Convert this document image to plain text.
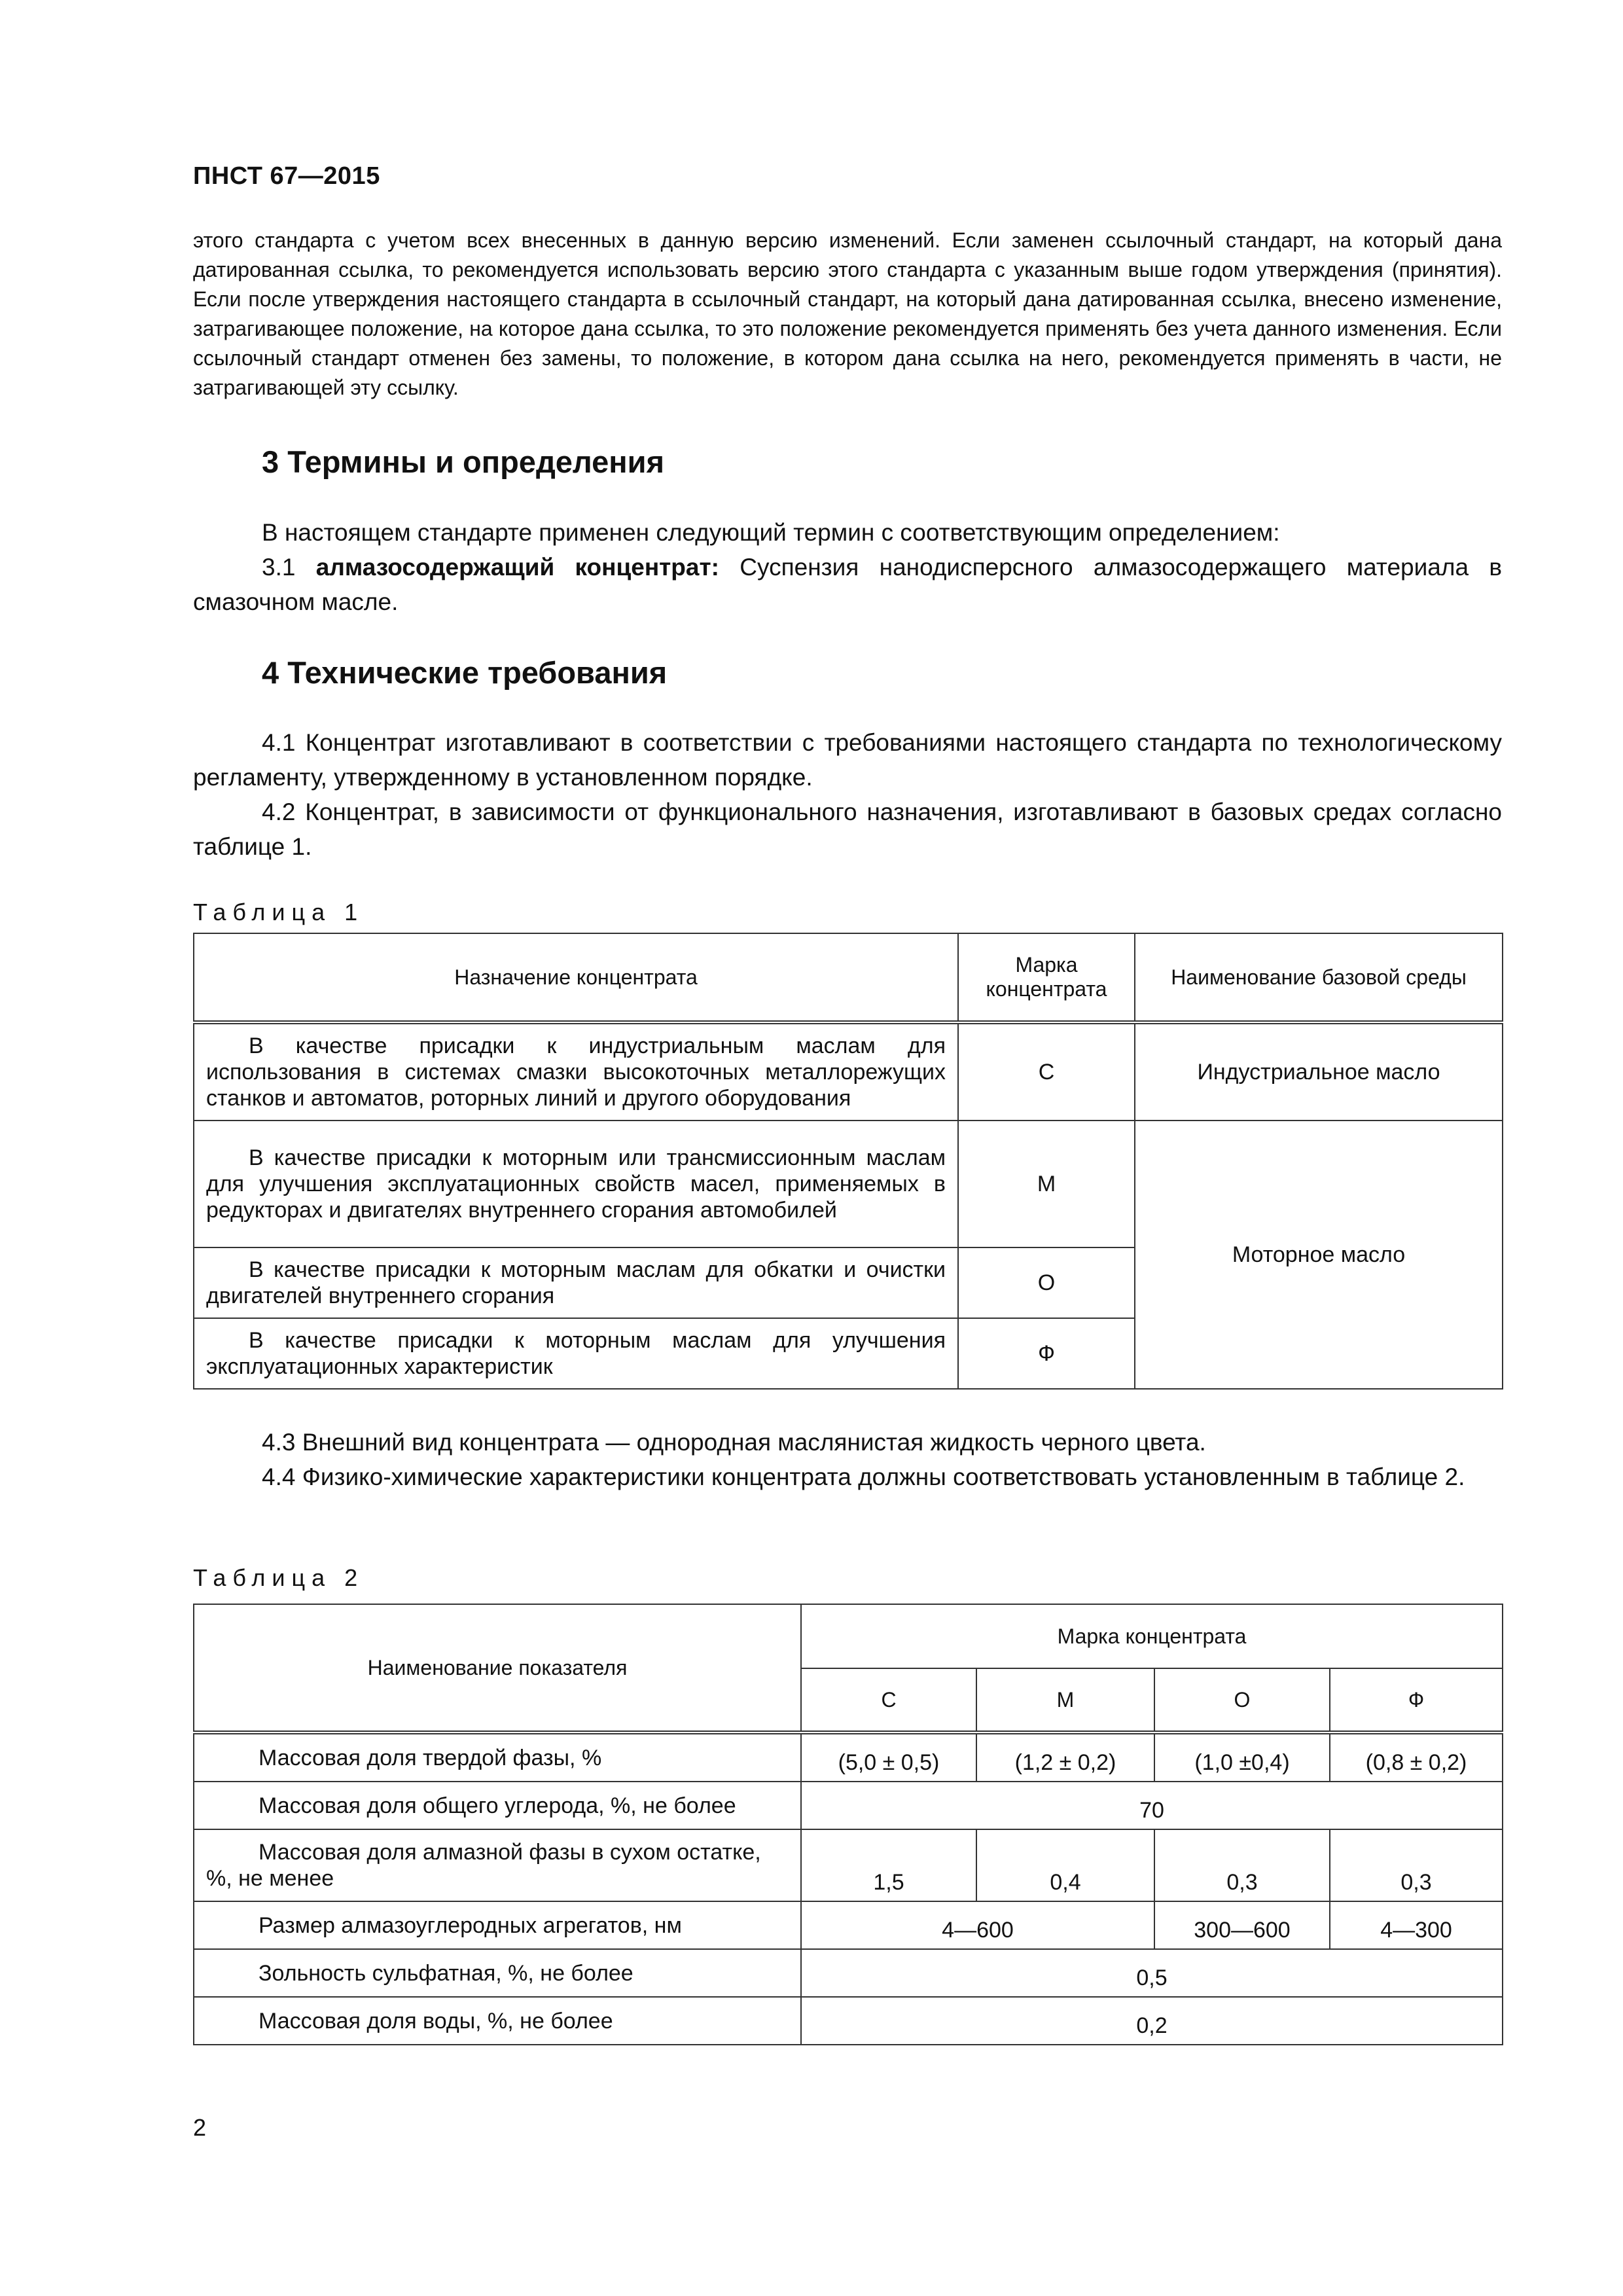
ПНСТ 67—2015
этого стандарта с учетом всех внесенных в данную версию изменений. Если заменен ссылочный стандарт, на который дана датированная ссылка, то рекомендуется использовать версию этого стандарта с указанным выше годом утверждения (принятия). Если после утверждения настоящего стандарта в ссылочный стандарт, на который дана датированная ссылка, внесено изменение, затрагивающее положение, на которое дана ссылка, то это положение рекомендуется применять без учета данного изменения. Если ссылочный стандарт отменен без замены, то положение, в котором дана ссылка на него, рекомендуется применять в части, не затрагивающей эту ссылку.
3 Термины и определения
В настоящем стандарте применен следующий термин с соответствующим определением:
3.1 алмазосодержащий концентрат: Суспензия нанодисперсного алмазосодержащего материала в смазочном масле.
4 Технические требования
4.1 Концентрат изготавливают в соответствии с требованиями настоящего стандарта по технологическому регламенту, утвержденному в установленном порядке.
4.2 Концентрат, в зависимости от функционального назначения, изготавливают в базовых средах согласно таблице 1.
Таблица 1
Назначение концентрата	Марка концентрата	Наименование базовой среды
В качестве присадки к индустриальным маслам для использования в системах смазки высокоточных металлорежущих станков и автоматов, роторных линий и другого оборудования	С	Индустриальное масло
В качестве присадки к моторным или трансмиссионным маслам для улучшения эксплуатационных свойств масел, применяемых в редукторах и двигателях внутреннего сгорания автомобилей	М	Моторное масло
В качестве присадки к моторным маслам для обкатки и очистки двигателей внутреннего сгорания	О	
В качестве присадки к моторным маслам для улучшения эксплуатационных характеристик	Ф	
4.3 Внешний вид концентрата — однородная маслянистая жидкость черного цвета.
4.4 Физико-химические характеристики концентрата должны соответствовать установленным в таблице 2.
Таблица 2
Наименование показателя	Марка концентрата			
	С	М	О	Ф
Массовая доля твердой фазы, %	(5,0 ± 0,5)	(1,2 ± 0,2)	(1,0 ±0,4)	(0,8 ± 0,2)
Массовая доля общего углерода, %, не более	70			
Массовая доля алмазной фазы в сухом остатке, %, не менее	1,5	0,4	0,3	0,3
Размер алмазоуглеродных агрегатов, нм	4—600		300—600	4—300
Зольность сульфатная, %, не более	0,5			
Массовая доля воды, %, не более	0,2			
2
